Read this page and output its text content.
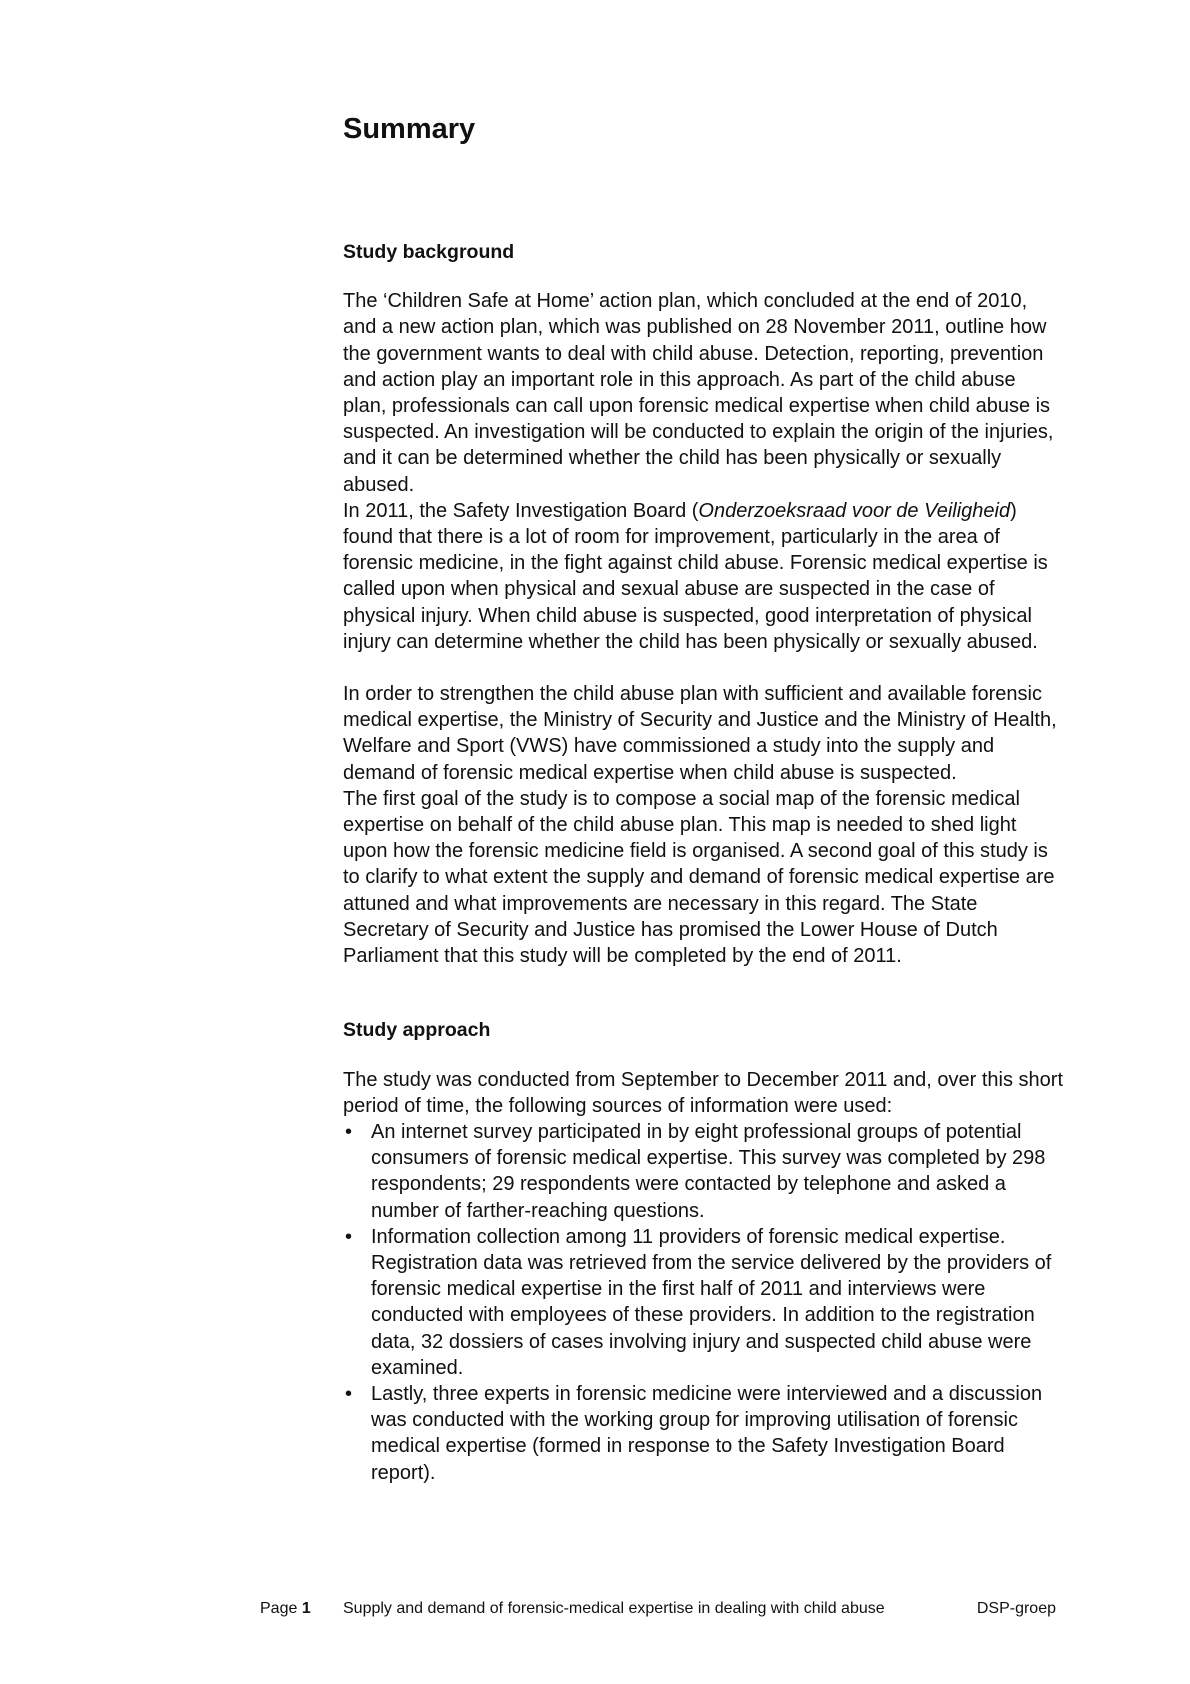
Summary
Study background

The ‘Children Safe at Home’ action plan, which concluded at the end of 2010, and a new action plan, which was published on 28 November 2011, outline how the government wants to deal with child abuse. Detection, reporting, prevention and action play an important role in this approach. As part of the child abuse plan, professionals can call upon forensic medical expertise when child abuse is suspected. An investigation will be conducted to explain the origin of the injuries, and it can be determined whether the child has been physically or sexually abused.

In 2011, the Safety Investigation Board (Onderzoeksraad voor de Veiligheid) found that there is a lot of room for improvement, particularly in the area of forensic medicine, in the fight against child abuse. Forensic medical expertise is called upon when physical and sexual abuse are suspected in the case of physical injury. When child abuse is suspected, good interpretation of physical injury can determine whether the child has been physically or sexually abused.

In order to strengthen the child abuse plan with sufficient and available forensic medical expertise, the Ministry of Security and Justice and the Ministry of Health, Welfare and Sport (VWS) have commissioned a study into the supply and demand of forensic medical expertise when child abuse is suspected.

The first goal of the study is to compose a social map of the forensic medical expertise on behalf of the child abuse plan. This map is needed to shed light upon how the forensic medicine field is organised. A second goal of this study is to clarify to what extent the supply and demand of forensic medical expertise are attuned and what improvements are necessary in this regard. The State Secretary of Security and Justice has promised the Lower House of Dutch Parliament that this study will be completed by the end of 2011.

Study approach

The study was conducted from September to December 2011 and, over this short period of time, the following sources of information were used:

• An internet survey participated in by eight professional groups of potential consumers of forensic medical expertise. This survey was completed by 298 respondents; 29 respondents were contacted by telephone and asked a number of farther-reaching questions.
• Information collection among 11 providers of forensic medical expertise. Registration data was retrieved from the service delivered by the providers of forensic medical expertise in the first half of 2011 and interviews were conducted with employees of these providers. In addition to the registration data, 32 dossiers of cases involving injury and suspected child abuse were examined.
• Lastly, three experts in forensic medicine were interviewed and a discussion was conducted with the working group for improving utilisation of forensic medical expertise (formed in response to the Safety Investigation Board report).
Page 1 Supply and demand of forensic-medical expertise in dealing with child abuse	DSP-groep
